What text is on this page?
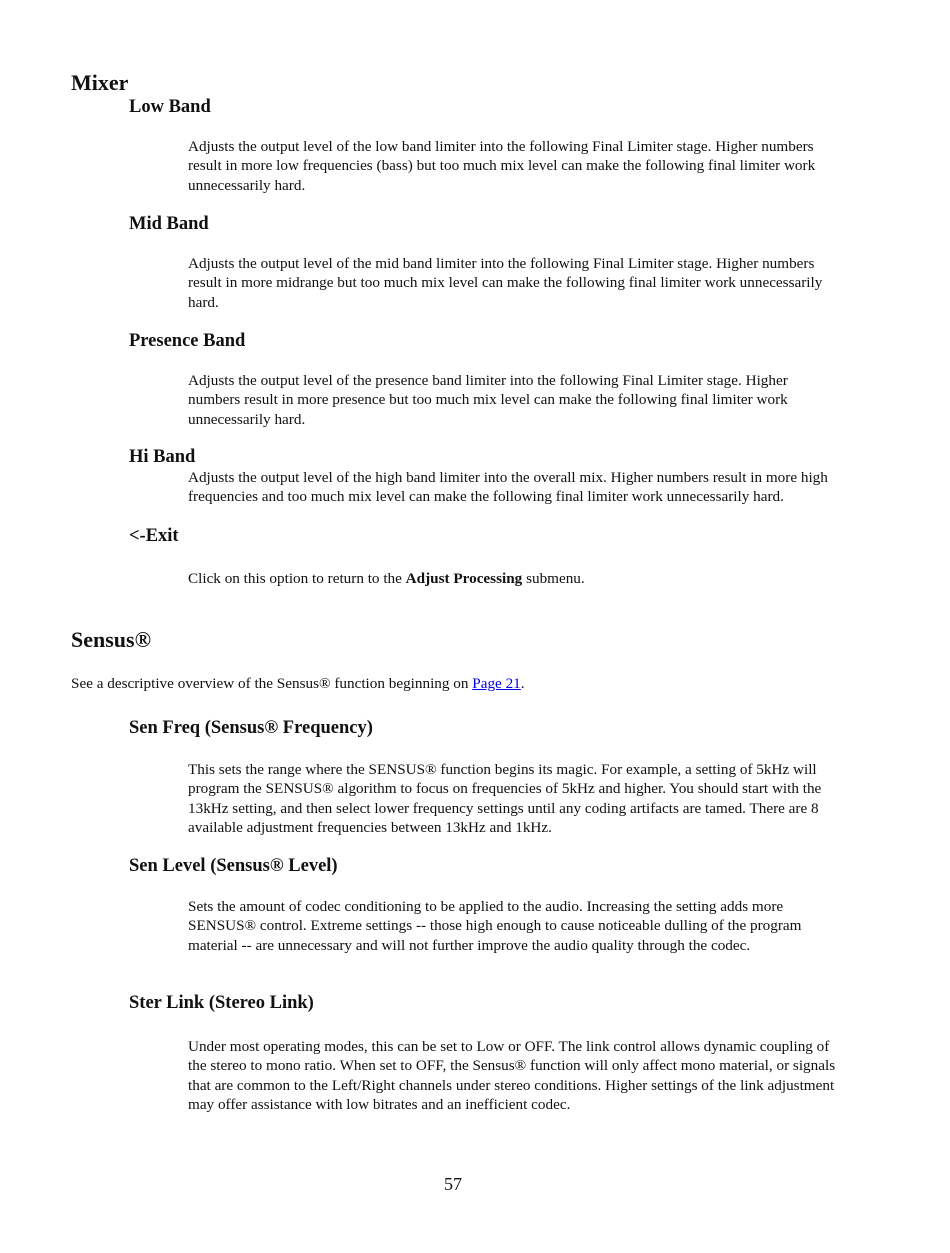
Mixer
Low Band

Adjusts the output level of the low band limiter into the following Final Limiter stage. Higher numbers result in more low frequencies (bass) but too much mix level can make the following final limiter work unnecessarily hard.

Mid Band

Adjusts the output level of the mid band limiter into the following Final Limiter stage. Higher numbers result in more midrange but too much mix level can make the following final limiter work unnecessarily hard.

Presence Band

Adjusts the output level of the presence band limiter into the following Final Limiter stage. Higher numbers result in more presence but too much mix level can make the following final limiter work unnecessarily hard.

Hi Band

Adjusts the output level of the high band limiter into the overall mix. Higher numbers result in more high frequencies and too much mix level can make the following final limiter work unnecessarily hard.

<-Exit

Click on this option to return to the Adjust Processing submenu.

Sensus®

See a descriptive overview of the Sensus® function beginning on Page 21.

Sen Freq (Sensus® Frequency)

This sets the range where the SENSUS® function begins its magic. For example, a setting of 5kHz will program the SENSUS® algorithm to focus on frequencies of 5kHz and higher. You should start with the 13kHz setting, and then select lower frequency settings until any coding artifacts are tamed. There are 8 available adjustment frequencies between 13kHz and 1kHz.

Sen Level (Sensus® Level)

Sets the amount of codec conditioning to be applied to the audio. Increasing the setting adds more SENSUS® control. Extreme settings -- those high enough to cause noticeable dulling of the program material -- are unnecessary and will not further improve the audio quality through the codec.

Ster Link (Stereo Link)

Under most operating modes, this can be set to Low or OFF. The link control allows dynamic coupling of the stereo to mono ratio. When set to OFF, the Sensus® function will only affect mono material, or signals that are common to the Left/Right channels under stereo conditions. Higher settings of the link adjustment may offer assistance with low bitrates and an inefficient codec.

57
